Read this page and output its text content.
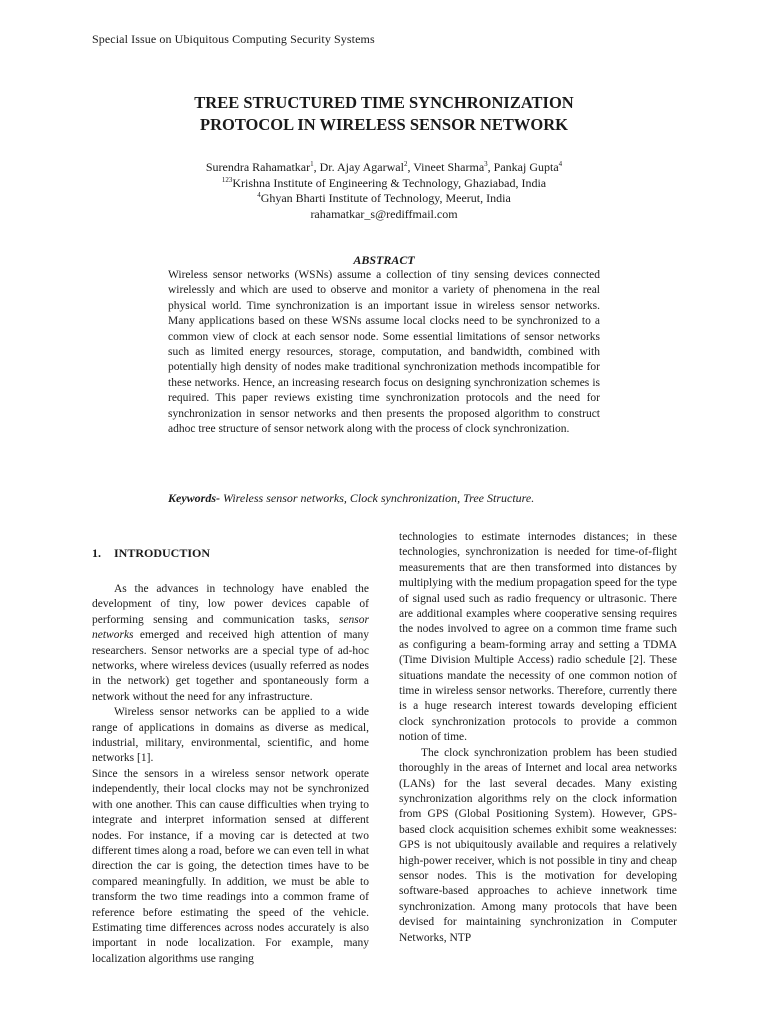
Special Issue on Ubiquitous Computing Security Systems
TREE STRUCTURED TIME SYNCHRONIZATION
PROTOCOL IN WIRELESS SENSOR NETWORK
Surendra Rahamatkar$^1$, Dr. Ajay Agarwal$^2$, Vineet Sharma$^3$, Pankaj Gupta$^4$
$^{123}$Krishna Institute of Engineering & Technology, Ghaziabad, India
$^4$Ghyan Bharti Institute of Technology, Meerut, India
rahamatkar_s@rediffmail.com
ABSTRACT
Wireless sensor networks (WSNs) assume a collection of tiny sensing devices connected wirelessly and which are used to observe and monitor a variety of phenomena in the real physical world. Time synchronization is an important issue in wireless sensor networks. Many applications based on these WSNs assume local clocks need to be synchronized to a common view of clock at each sensor node. Some essential limitations of sensor networks such as limited energy resources, storage, computation, and bandwidth, combined with potentially high density of nodes make traditional synchronization methods incompatible for these networks. Hence, an increasing research focus on designing synchronization schemes is required. This paper reviews existing time synchronization protocols and the need for synchronization in sensor networks and then presents the proposed algorithm to construct adhoc tree structure of sensor network along with the process of clock synchronization.
Keywords- Wireless sensor networks, Clock synchronization, Tree Structure.
1. INTRODUCTION

As the advances in technology have enabled the development of tiny, low power devices capable of performing sensing and communication tasks, sensor networks emerged and received high attention of many researchers. Sensor networks are a special type of ad-hoc networks, where wireless devices (usually referred as nodes in the network) get together and spontaneously form a network without the need for any infrastructure.

Wireless sensor networks can be applied to a wide range of applications in domains as diverse as medical, industrial, military, environmental, scientific, and home networks [1].

Since the sensors in a wireless sensor network operate independently, their local clocks may not be synchronized with one another. This can cause difficulties when trying to integrate and interpret information sensed at different nodes. For instance, if a moving car is detected at two different times along a road, before we can even tell in what direction the car is going, the detection times have to be compared meaningfully. In addition, we must be able to transform the two time readings into a common frame of reference before estimating the speed of the vehicle. Estimating time differences across nodes accurately is also important in node localization. For example, many localization algorithms use ranging

technologies to estimate internodes distances; in these technologies, synchronization is needed for time-of-flight measurements that are then transformed into distances by multiplying with the medium propagation speed for the type of signal used such as radio frequency or ultrasonic. There are additional examples where cooperative sensing requires the nodes involved to agree on a common time frame such as configuring a beam-forming array and setting a TDMA (Time Division Multiple Access) radio schedule [2]. These situations mandate the necessity of one common notion of time in wireless sensor networks. Therefore, currently there is a huge research interest towards developing efficient clock synchronization protocols to provide a common notion of time.

The clock synchronization problem has been studied thoroughly in the areas of Internet and local area networks (LANs) for the last several decades. Many existing synchronization algorithms rely on the clock information from GPS (Global Positioning System). However, GPS-based clock acquisition schemes exhibit some weaknesses: GPS is not ubiquitously available and requires a relatively high-power receiver, which is not possible in tiny and cheap sensor nodes. This is the motivation for developing software-based approaches to achieve innetwork time synchronization. Among many protocols that have been devised for maintaining synchronization in Computer Networks, NTP
